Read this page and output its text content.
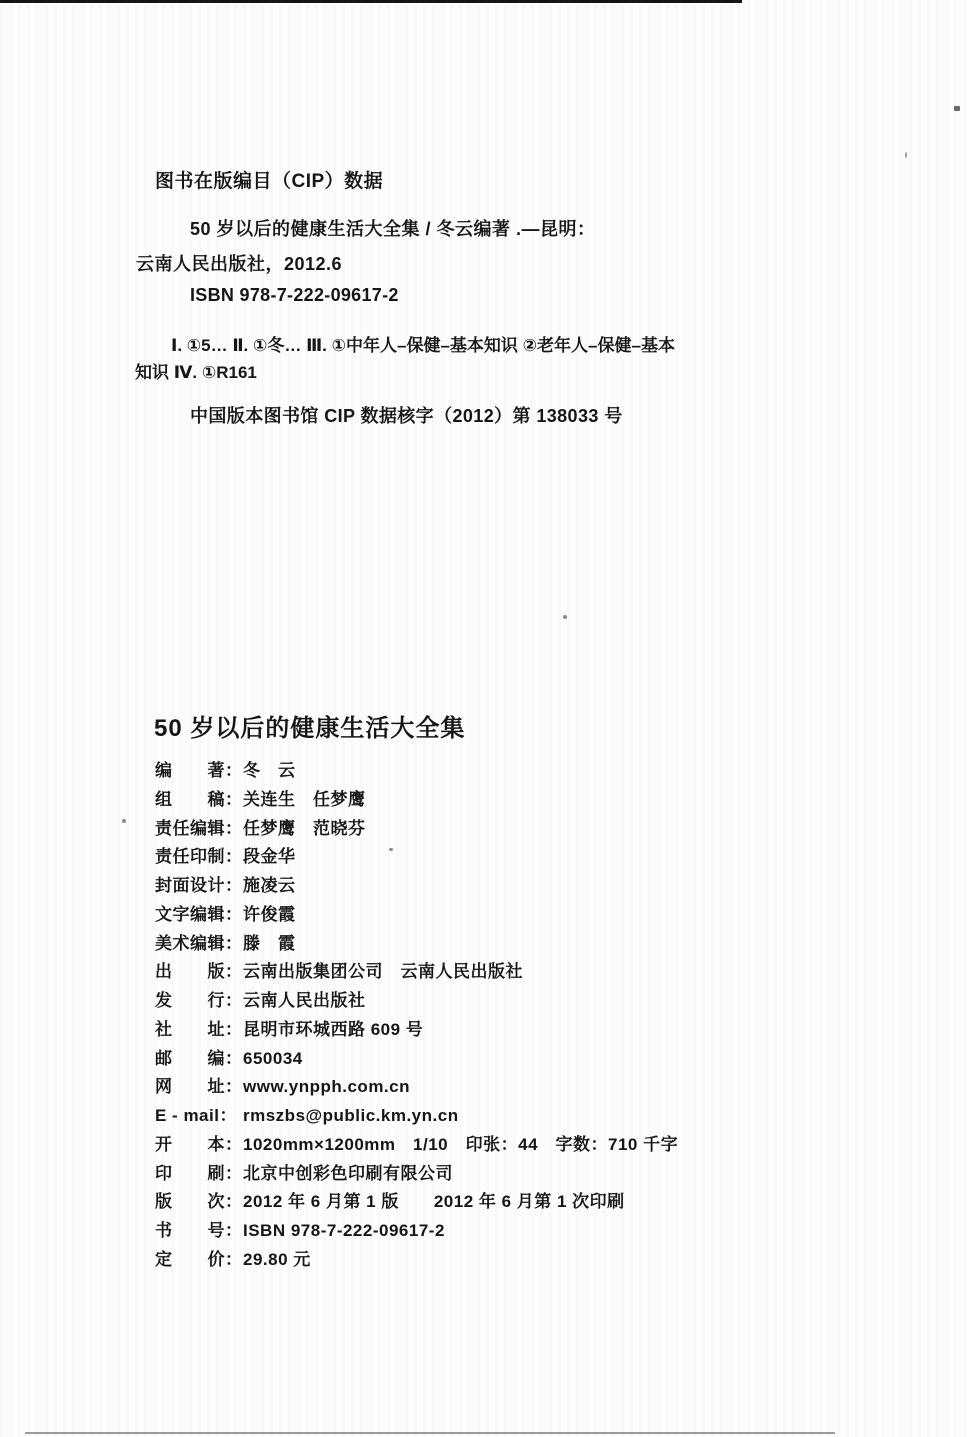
图书在版编目（CIP）数据
50 岁以后的健康生活大全集 / 冬云编著 .—昆明：
云南人民出版社，2012.6
ISBN 978-7-222-09617-2
Ⅰ. ①5… Ⅱ. ①冬… Ⅲ. ①中年人–保健–基本知识 ②老年人–保健–基本
知识 Ⅳ. ①R161
中国版本图书馆 CIP 数据核字（2012）第 138033 号
50 岁以后的健康生活大全集
编　　著：冬　云
组　　稿：关连生　任梦鹰
责任编辑：任梦鹰　范晓芬
责任印制：段金华
封面设计：施凌云
文字编辑：许俊霞
美术编辑：滕　霞
出　　版：云南出版集团公司　云南人民出版社
发　　行：云南人民出版社
社　　址：昆明市环城西路 609 号
邮　　编：650034
网　　址：www.ynpph.com.cn
E - mail： rmszbs@public.km.yn.cn
开　　本：1020mm×1200mm　1/10　印张：44　字数：710 千字
印　　刷：北京中创彩色印刷有限公司
版　　次：2012 年 6 月第 1 版　　2012 年 6 月第 1 次印刷
书　　号：ISBN 978-7-222-09617-2
定　　价：29.80 元
